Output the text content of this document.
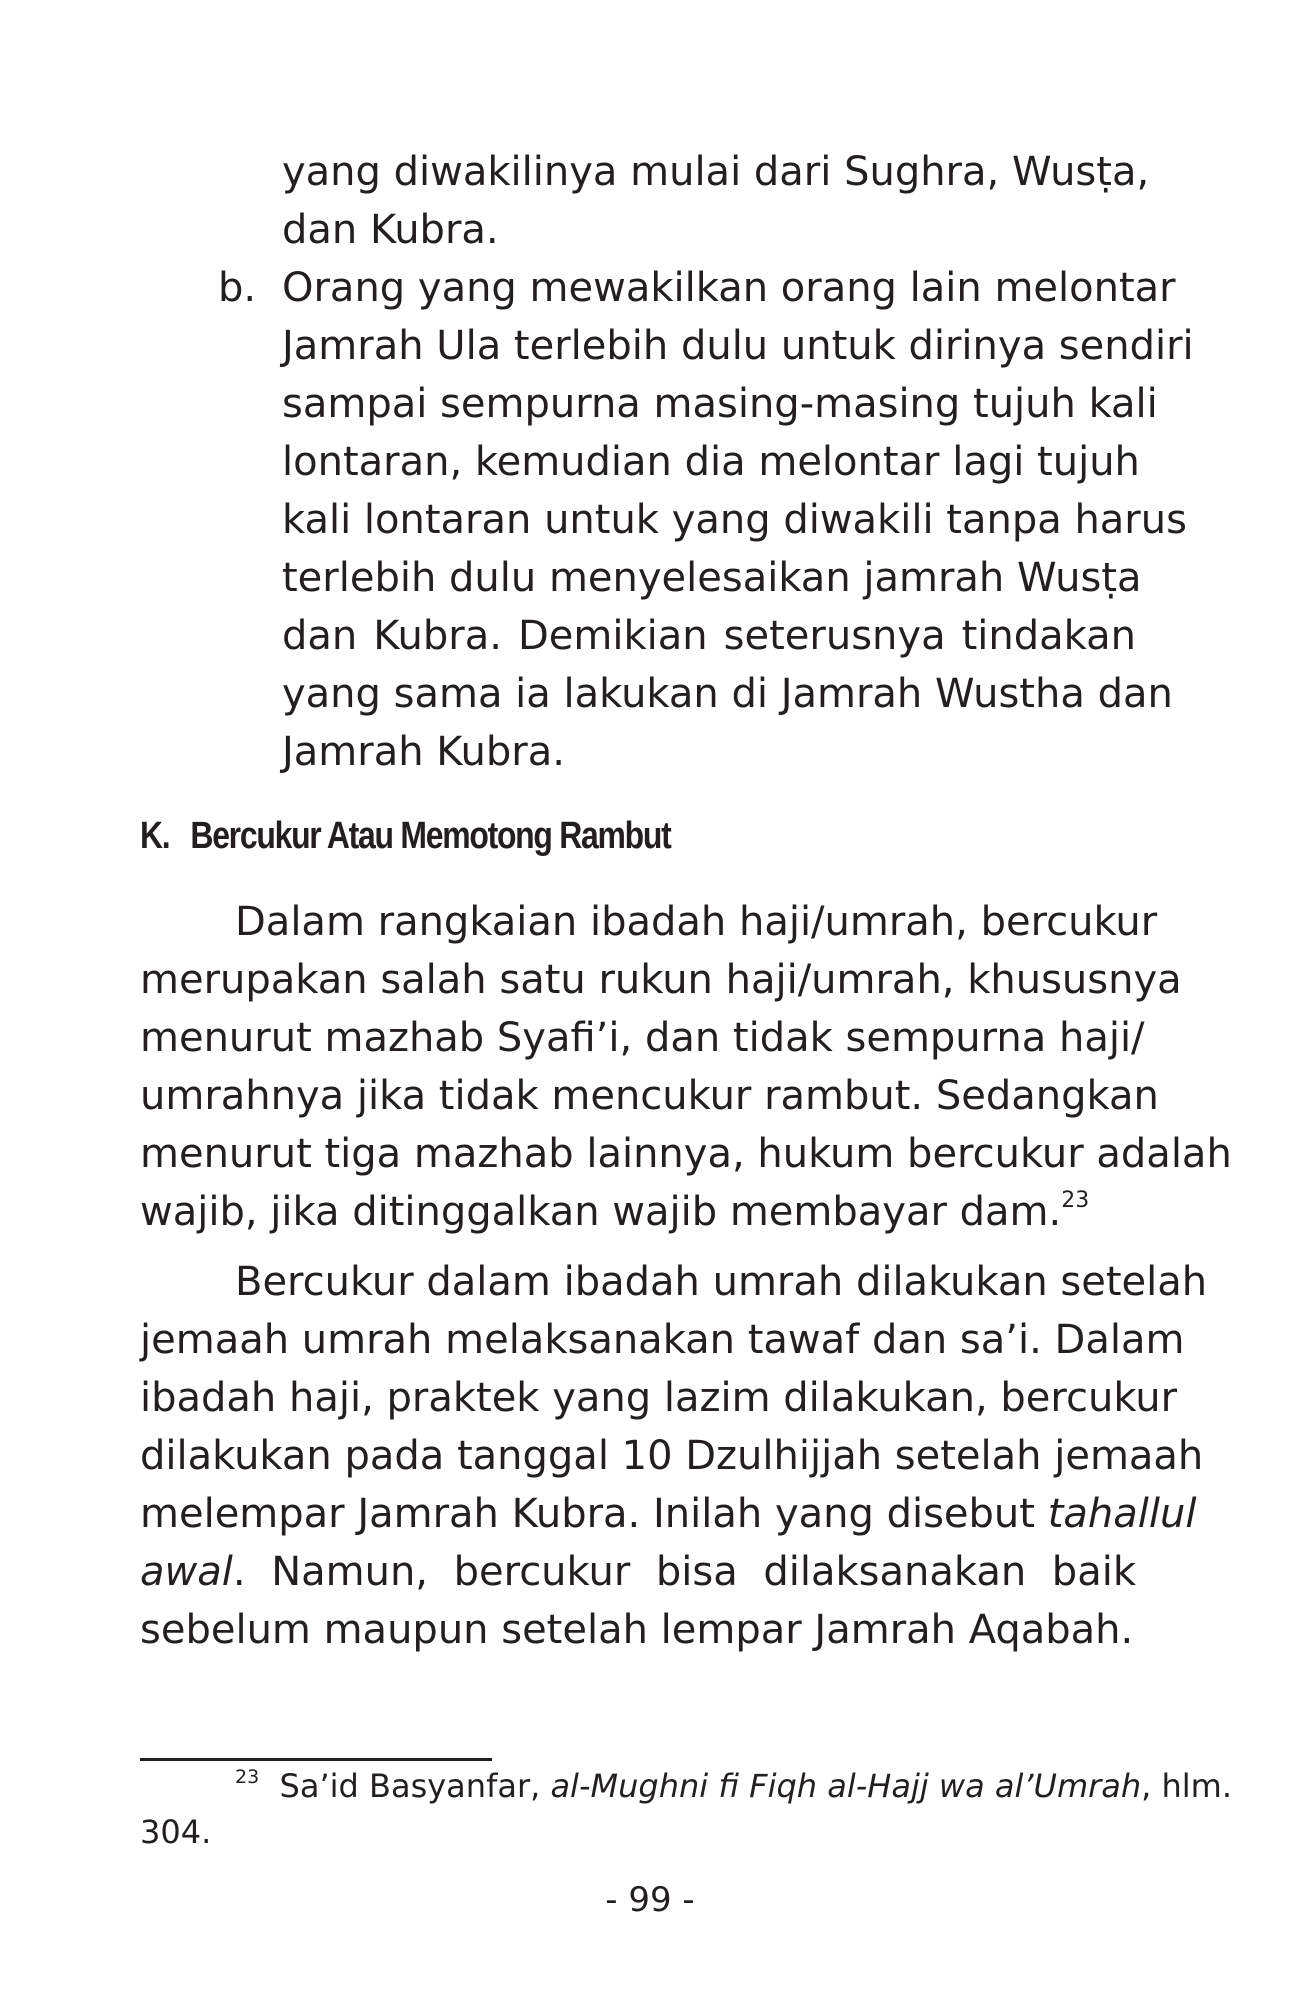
yang diwakilinya mulai dari Sughra, Wusṭa,
dan Kubra.
b. Orang yang mewakilkan orang lain melontar
Jamrah Ula terlebih dulu untuk dirinya sendiri
sampai sempurna masing-masing tujuh kali
lontaran, kemudian dia melontar lagi tujuh
kali lontaran untuk yang diwakili tanpa harus
terlebih dulu menyelesaikan jamrah Wusṭa
dan Kubra. Demikian seterusnya tindakan
yang sama ia lakukan di Jamrah Wustha dan
Jamrah Kubra.
K. Bercukur Atau Memotong Rambut
Dalam rangkaian ibadah haji/umrah, bercukur
merupakan salah satu rukun haji/umrah, khususnya
menurut mazhab Syafi’i, dan tidak sempurna haji/
umrahnya jika tidak mencukur rambut. Sedangkan
menurut tiga mazhab lainnya, hukum bercukur adalah
wajib, jika ditinggalkan wajib membayar dam.$^{23}$
Bercukur dalam ibadah umrah dilakukan setelah
jemaah umrah melaksanakan tawaf dan sa’i. Dalam
ibadah haji, praktek yang lazim dilakukan, bercukur
dilakukan pada tanggal 10 Dzulhijjah setelah jemaah
melempar Jamrah Kubra. Inilah yang disebut tahallul
awal. Namun, bercukur bisa dilaksanakan baik
sebelum maupun setelah lempar Jamrah Aqabah.
$^{23}$ Sa’id Basyanfar, al-Mughni fi Fiqh al-Hajj wa al’Umrah, hlm.
304.
- 99 -
